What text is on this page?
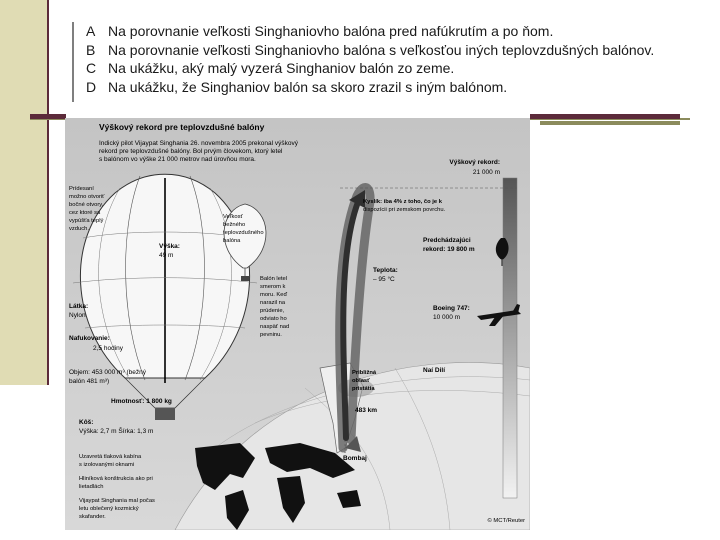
A Na porovnanie veľkosti Singhaniovho balóna pred nafúkrutím a po ňom.
B Na porovnanie veľkosti Singhaniovho balóna s veľkosťou iných teplovzdušných balónov.
C Na ukážku, aký malý vyzerá Singhaniov balón zo zeme.
D Na ukážku, že Singhaniov balón sa skoro zrazil s iným balónom.
Výškový rekord pre teplovzdušné balóny
Indický pilot Vijaypat Singhania 26. novembra 2005 prekonal výškový
rekord pre teplovzdušné balóny. Bol prvým človekom, ktorý letel
s balónom vo výške 21 000 metrov nad úrovňou mora.	Výškový rekord:
21 000 m
Kyslík: iba 4% z toho, čo je k
dispozícii pri zemskom povrchu.
Predchádzajúci
rekord: 19 800 m
Teplota:
– 95 °C
Boeing 747:
10 000 m
Balón letel
smerom k
moru. Keď
narazil na
prúdenie,
odviato ho
naspäť nad
pevninu.
Prídesaní
možno otvoriť
bočné otvory,
cez ktoré sa
vypúšťa teplý
vzduch.
Veľkosť
bežného
teplovzdušného
balóna
Výška:
49 m
Látka:
Nylon
Nafukovanie:
2,5 hodiny
Objem: 453 000 m³ (bežný
balón 481 m³)
Hmotnosť: 1 800 kg
Kôš:
Výška: 2,7 m Šírka: 1,3 m
Približná
oblasť
pristátia
483 km
Naí Dilí
Bombaj
Uzavretá tlaková kabína
s izolovanými oknami
Hliníková konštrukcia ako pri
lietadlách
Vijaypat Singhania mal počas
letu oblečený kozmický
skafander.
© MCT/Reuter
